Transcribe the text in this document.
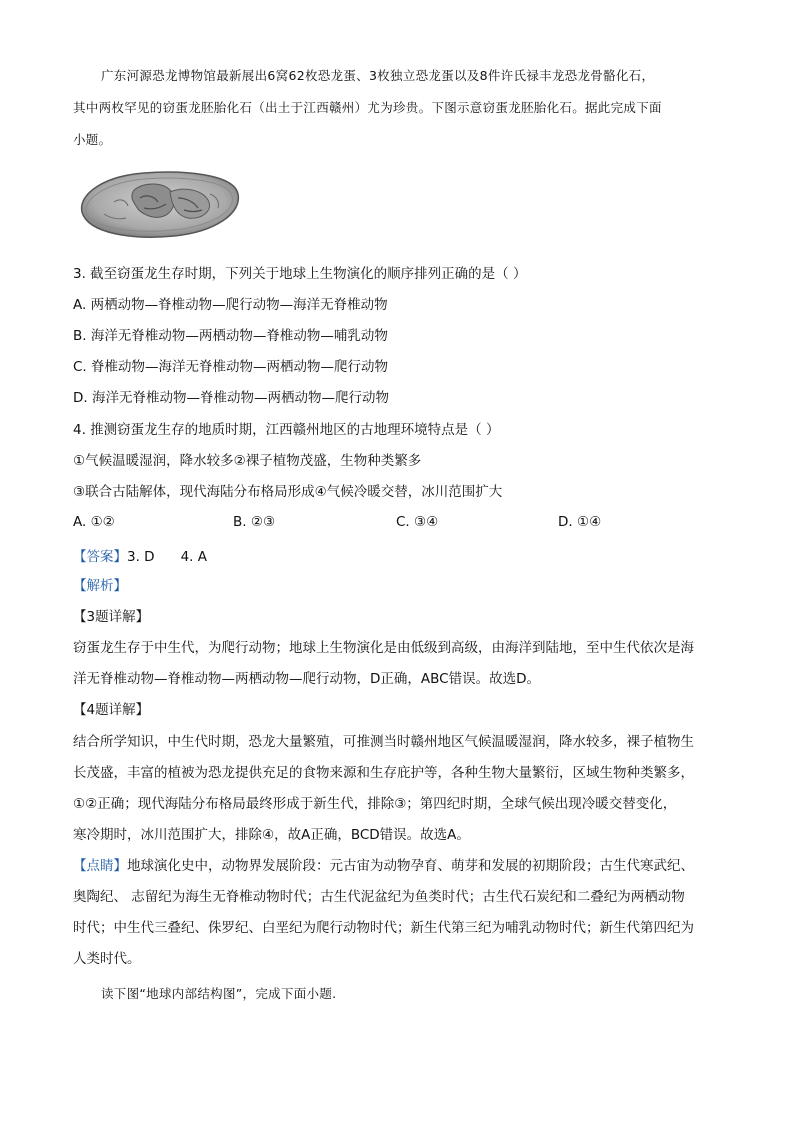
广东河源恐龙博物馆最新展出6窝62枚恐龙蛋、3枚独立恐龙蛋以及8件许氏禄丰龙恐龙骨骼化石，
其中两枚罕见的窃蛋龙胚胎化石（出土于江西赣州）尤为珍贵。下图示意窃蛋龙胚胎化石。据此完成下面
小题。
3. 截至窃蛋龙生存时期，下列关于地球上生物演化的顺序排列正确的是（ ）
A. 两栖动物—脊椎动物—爬行动物—海洋无脊椎动物
B. 海洋无脊椎动物—两栖动物—脊椎动物—哺乳动物
C. 脊椎动物—海洋无脊椎动物—两栖动物—爬行动物
D. 海洋无脊椎动物—脊椎动物—两栖动物—爬行动物
4. 推测窃蛋龙生存的地质时期，江西赣州地区的古地理环境特点是（ ）
①气候温暖湿润，降水较多②裸子植物茂盛，生物种类繁多
③联合古陆解体，现代海陆分布格局形成④气候冷暖交替，冰川范围扩大
A. ①②	B. ②③	C. ③④	D. ①④
【答案】3. D 4. A
【解析】
【3题详解】
窃蛋龙生存于中生代，为爬行动物；地球上生物演化是由低级到高级，由海洋到陆地，至中生代依次是海
洋无脊椎动物—脊椎动物—两栖动物—爬行动物，D正确，ABC错误。故选D。
【4题详解】
结合所学知识，中生代时期，恐龙大量繁殖，可推测当时赣州地区气候温暖湿润，降水较多，裸子植物生
长茂盛，丰富的植被为恐龙提供充足的食物来源和生存庇护等，各种生物大量繁衍，区域生物种类繁多，
①②正确；现代海陆分布格局最终形成于新生代，排除③；第四纪时期，全球气候出现冷暖交替变化，
寒冷期时，冰川范围扩大，排除④，故A正确，BCD错误。故选A。
【点睛】地球演化史中，动物界发展阶段：元古宙为动物孕育、萌芽和发展的初期阶段；古生代寒武纪、
奥陶纪、 志留纪为海生无脊椎动物时代；古生代泥盆纪为鱼类时代；古生代石炭纪和二叠纪为两栖动物
时代；中生代三叠纪、侏罗纪、白垩纪为爬行动物时代；新生代第三纪为哺乳动物时代；新生代第四纪为
人类时代。
读下图“地球内部结构图”，完成下面小题.
